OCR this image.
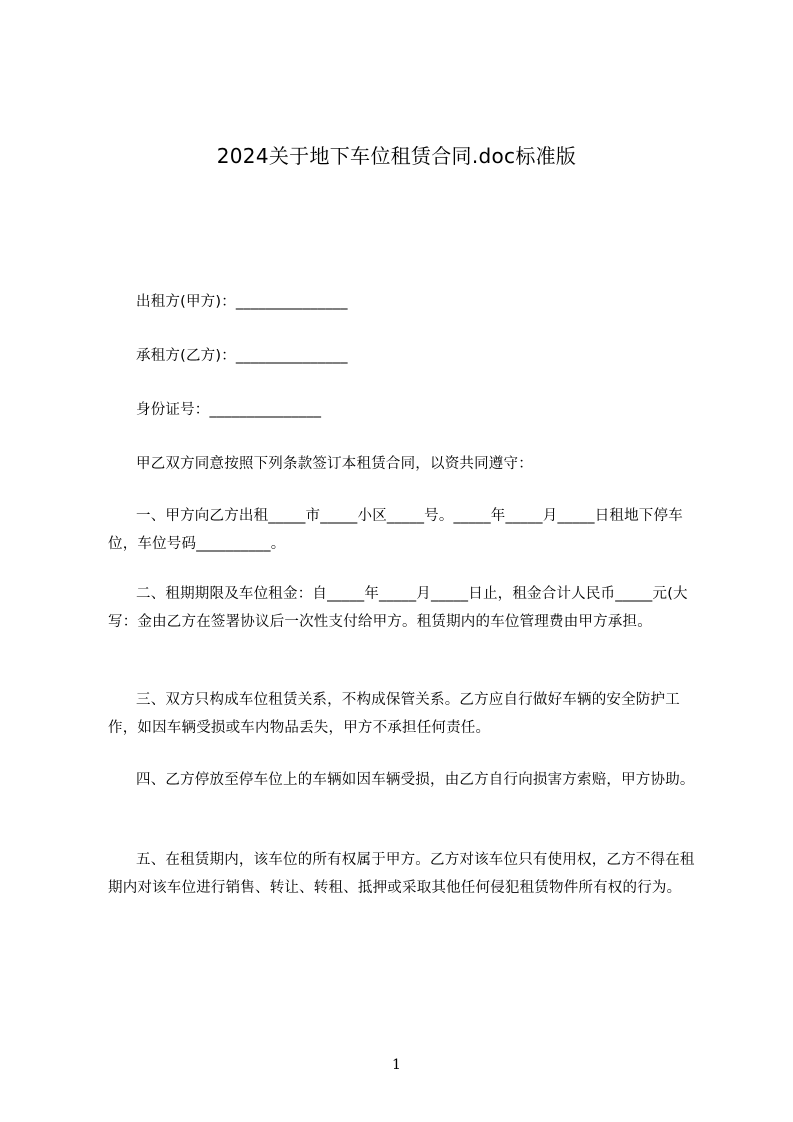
2024关于地下车位租赁合同.doc标准版
出租方(甲方)：_______________
承租方(乙方)：_______________
身份证号：_______________
甲乙双方同意按照下列条款签订本租赁合同，以资共同遵守：
一、甲方向乙方出租_____市_____小区_____号。_____年_____月_____日租地下停车位，车位号码__________。
二、租期期限及车位租金：自_____年_____月_____日止，租金合计人民币_____元(大写：金由乙方在签署协议后一次性支付给甲方。租赁期内的车位管理费由甲方承担。
三、双方只构成车位租赁关系，不构成保管关系。乙方应自行做好车辆的安全防护工作，如因车辆受损或车内物品丢失，甲方不承担任何责任。
四、乙方停放至停车位上的车辆如因车辆受损，由乙方自行向损害方索赔，甲方协助。
五、在租赁期内，该车位的所有权属于甲方。乙方对该车位只有使用权，乙方不得在租期内对该车位进行销售、转让、转租、抵押或采取其他任何侵犯租赁物件所有权的行为。
1
